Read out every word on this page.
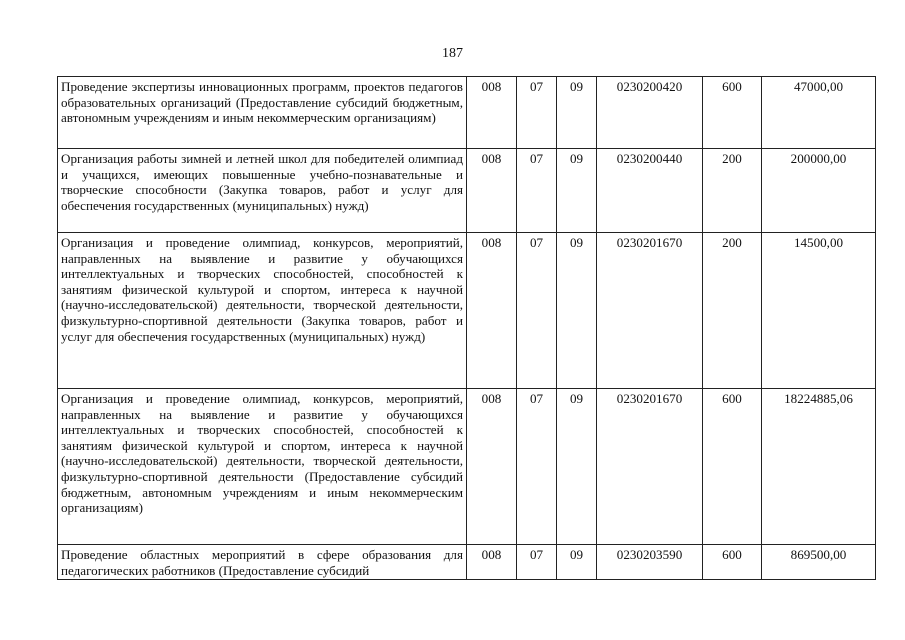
187
Проведение экспертизы инновационных программ, проектов педагогов образовательных организаций (Предоставление субсидий бюджетным, автономным учреждениям и иным некоммерческим организациям)	008	07	09	0230200420	600	47000,00
Организация работы зимней и летней школ для победителей олимпиад и учащихся, имеющих повышенные учебно-познавательные и творческие способности (Закупка товаров, работ и услуг для обеспечения государственных (муниципальных) нужд)	008	07	09	0230200440	200	200000,00
Организация и проведение олимпиад, конкурсов, мероприятий, направленных на выявление и развитие у обучающихся интеллектуальных и творческих способностей, способностей к занятиям физической культурой и спортом, интереса к научной (научно-исследовательской) деятельности, творческой деятельности, физкультурно-спортивной деятельности (Закупка товаров, работ и услуг для обеспечения государственных (муниципальных) нужд)	008	07	09	0230201670	200	14500,00
Организация и проведение олимпиад, конкурсов, мероприятий, направленных на выявление и развитие у обучающихся интеллектуальных и творческих способностей, способностей к занятиям физической культурой и спортом, интереса к научной (научно-исследовательской) деятельности, творческой деятельности, физкультурно-спортивной деятельности (Предоставление субсидий бюджетным, автономным учреждениям и иным некоммерческим организациям)	008	07	09	0230201670	600	18224885,06
Проведение областных мероприятий в сфере образования для педагогических работников (Предоставление субсидий	008	07	09	0230203590	600	869500,00
